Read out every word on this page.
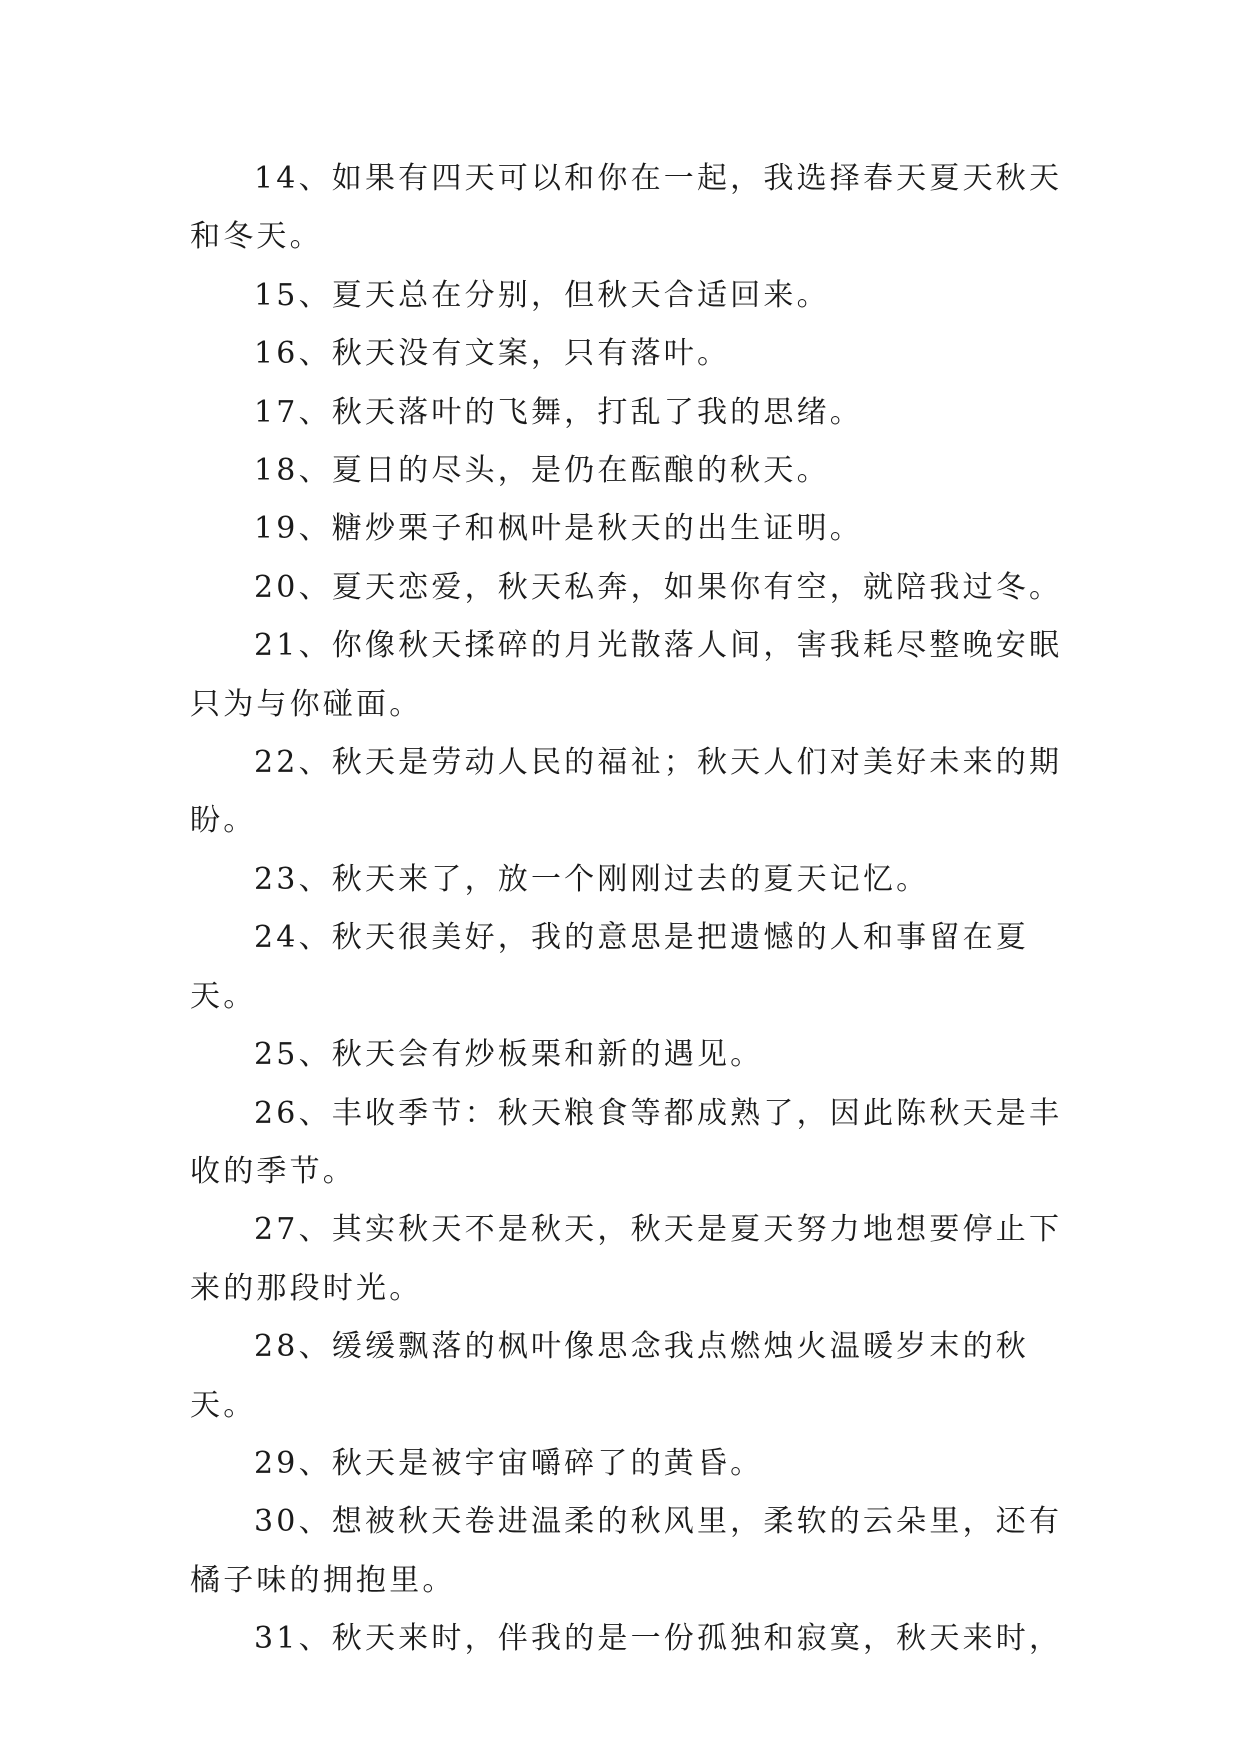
14、如果有四天可以和你在一起，我选择春天夏天秋天和冬天。

15、夏天总在分别，但秋天合适回来。

16、秋天没有文案，只有落叶。

17、秋天落叶的飞舞，打乱了我的思绪。

18、夏日的尽头，是仍在酝酿的秋天。

19、糖炒栗子和枫叶是秋天的出生证明。

20、夏天恋爱，秋天私奔，如果你有空，就陪我过冬。

21、你像秋天揉碎的月光散落人间，害我耗尽整晚安眠只为与你碰面。

22、秋天是劳动人民的福祉；秋天人们对美好未来的期盼。

23、秋天来了，放一个刚刚过去的夏天记忆。

24、秋天很美好，我的意思是把遗憾的人和事留在夏天。

25、秋天会有炒板栗和新的遇见。

26、丰收季节：秋天粮食等都成熟了，因此陈秋天是丰收的季节。

27、其实秋天不是秋天，秋天是夏天努力地想要停止下来的那段时光。

28、缓缓飘落的枫叶像思念我点燃烛火温暖岁末的秋天。

29、秋天是被宇宙嚼碎了的黄昏。

30、想被秋天卷进温柔的秋风里，柔软的云朵里，还有橘子味的拥抱里。

31、秋天来时，伴我的是一份孤独和寂寞，秋天来时，
